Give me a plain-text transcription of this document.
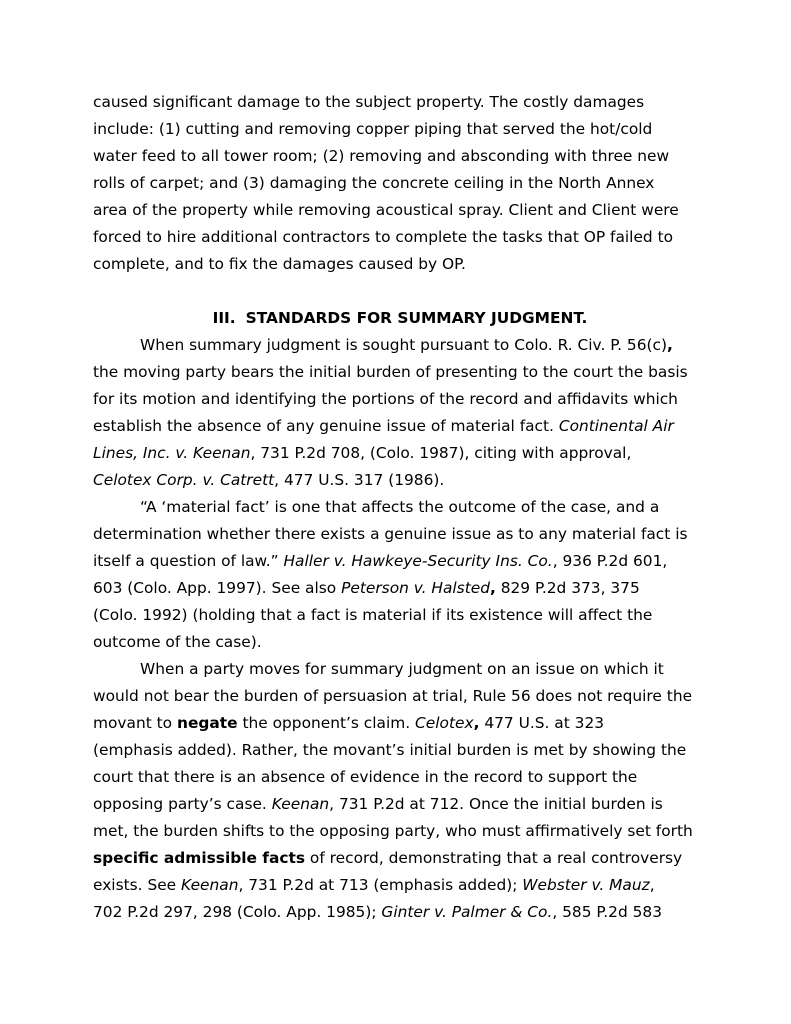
caused significant damage to the subject property. The costly damages
include: (1) cutting and removing copper piping that served the hot/cold
water feed to all tower room; (2) removing and absconding with three new
rolls of carpet; and (3) damaging the concrete ceiling in the North Annex
area of the property while removing acoustical spray. Client and Client were
forced to hire additional contractors to complete the tasks that OP failed to
complete, and to fix the damages caused by OP.
III. STANDARDS FOR SUMMARY JUDGMENT.
When summary judgment is sought pursuant to Colo. R. Civ. P. 56(c),
the moving party bears the initial burden of presenting to the court the basis
for its motion and identifying the portions of the record and affidavits which
establish the absence of any genuine issue of material fact. Continental Air
Lines, Inc. v. Keenan, 731 P.2d 708, (Colo. 1987), citing with approval,
Celotex Corp. v. Catrett, 477 U.S. 317 (1986).
“A ‘material fact’ is one that affects the outcome of the case, and a
determination whether there exists a genuine issue as to any material fact is
itself a question of law.” Haller v. Hawkeye-Security Ins. Co., 936 P.2d 601,
603 (Colo. App. 1997). See also Peterson v. Halsted, 829 P.2d 373, 375
(Colo. 1992) (holding that a fact is material if its existence will affect the
outcome of the case).
When a party moves for summary judgment on an issue on which it
would not bear the burden of persuasion at trial, Rule 56 does not require the
movant to negate the opponent’s claim. Celotex, 477 U.S. at 323
(emphasis added). Rather, the movant’s initial burden is met by showing the
court that there is an absence of evidence in the record to support the
opposing party’s case. Keenan, 731 P.2d at 712. Once the initial burden is
met, the burden shifts to the opposing party, who must affirmatively set forth
specific admissible facts of record, demonstrating that a real controversy
exists. See Keenan, 731 P.2d at 713 (emphasis added); Webster v. Mauz,
702 P.2d 297, 298 (Colo. App. 1985); Ginter v. Palmer & Co., 585 P.2d 583
